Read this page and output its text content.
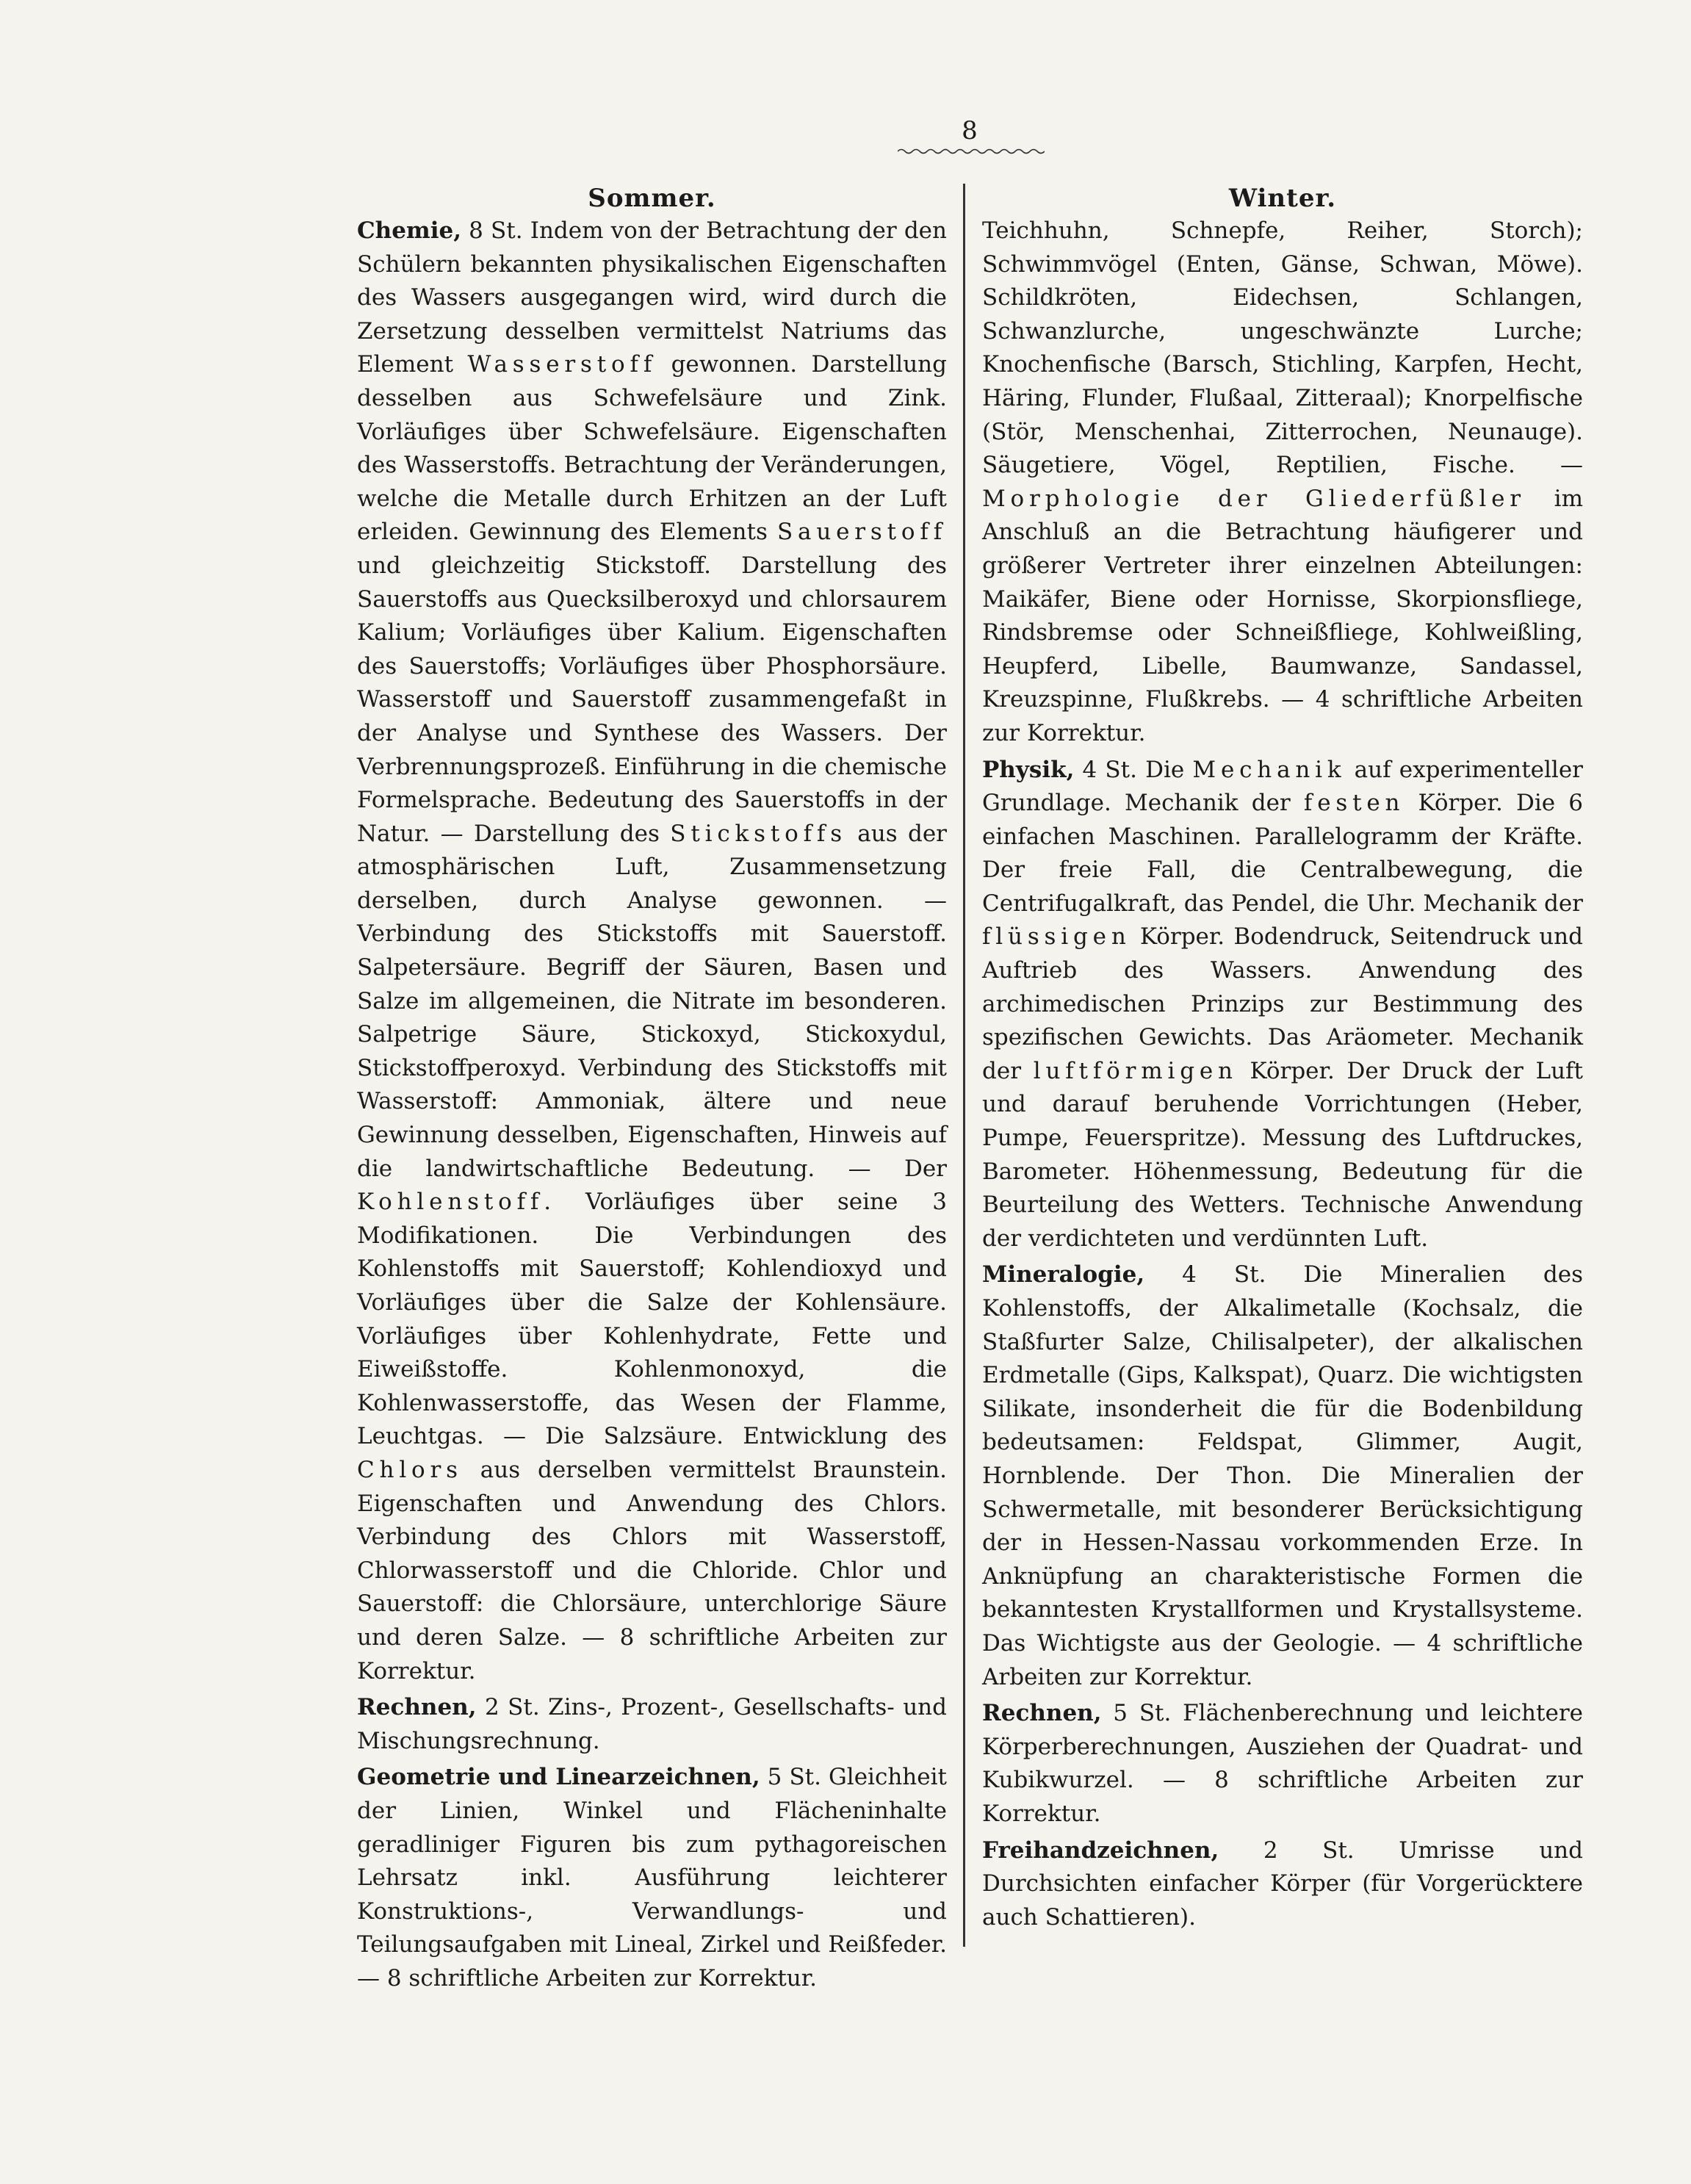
8
Sommer.

Chemie, 8 St. Indem von der Betrachtung der den Schülern bekannten physikalischen Eigenschaften des Wassers ausgegangen wird, wird durch die Zersetzung desselben vermittelst Natriums das Element Wasserstoff gewonnen. Darstellung desselben aus Schwefelsäure und Zink. Vorläufiges über Schwefelsäure. Eigenschaften des Wasserstoffs. Betrachtung der Veränderungen, welche die Metalle durch Erhitzen an der Luft erleiden. Gewinnung des Elements Sauerstoff und gleichzeitig Stickstoff. Darstellung des Sauerstoffs aus Quecksilberoxyd und chlorsaurem Kalium; Vorläufiges über Kalium. Eigenschaften des Sauerstoffs; Vorläufiges über Phosphorsäure. Wasserstoff und Sauerstoff zusammengefaßt in der Analyse und Synthese des Wassers. Der Verbrennungsprozeß. Einführung in die chemische Formelsprache. Bedeutung des Sauerstoffs in der Natur. — Darstellung des Stickstoffs aus der atmosphärischen Luft, Zusammensetzung derselben, durch Analyse gewonnen. — Verbindung des Stickstoffs mit Sauerstoff. Salpetersäure. Begriff der Säuren, Basen und Salze im allgemeinen, die Nitrate im besonderen. Salpetrige Säure, Stickoxyd, Stickoxydul, Stickstoffperoxyd. Verbindung des Stickstoffs mit Wasserstoff: Ammoniak, ältere und neue Gewinnung desselben, Eigenschaften, Hinweis auf die landwirtschaftliche Bedeutung. — Der Kohlenstoff. Vorläufiges über seine 3 Modifikationen. Die Verbindungen des Kohlenstoffs mit Sauerstoff; Kohlendioxyd und Vorläufiges über die Salze der Kohlensäure. Vorläufiges über Kohlenhydrate, Fette und Eiweißstoffe. Kohlenmonoxyd, die Kohlenwasserstoffe, das Wesen der Flamme, Leuchtgas. — Die Salzsäure. Entwicklung des Chlors aus derselben vermittelst Braunstein. Eigenschaften und Anwendung des Chlors. Verbindung des Chlors mit Wasserstoff, Chlorwasserstoff und die Chloride. Chlor und Sauerstoff: die Chlorsäure, unterchlorige Säure und deren Salze. — 8 schriftliche Arbeiten zur Korrektur.

Rechnen, 2 St. Zins-, Prozent-, Gesellschafts- und Mischungsrechnung.

Geometrie und Linearzeichnen, 5 St. Gleichheit der Linien, Winkel und Flächeninhalte geradliniger Figuren bis zum pythagoreischen Lehrsatz inkl. Ausführung leichterer Konstruktions-, Verwandlungs- und Teilungsaufgaben mit Lineal, Zirkel und Reißfeder. — 8 schriftliche Arbeiten zur Korrektur.

Winter.

Teichhuhn, Schnepfe, Reiher, Storch); Schwimmvögel (Enten, Gänse, Schwan, Möwe). Schildkröten, Eidechsen, Schlangen, Schwanzlurche, ungeschwänzte Lurche; Knochenfische (Barsch, Stichling, Karpfen, Hecht, Häring, Flunder, Flußaal, Zitteraal); Knorpelfische (Stör, Menschenhai, Zitterrochen, Neunauge). Säugetiere, Vögel, Reptilien, Fische. — Morphologie der Gliederfüßler im Anschluß an die Betrachtung häufigerer und größerer Vertreter ihrer einzelnen Abteilungen: Maikäfer, Biene oder Hornisse, Skorpionsfliege, Rindsbremse oder Schneißfliege, Kohlweißling, Heupferd, Libelle, Baumwanze, Sandassel, Kreuzspinne, Flußkrebs. — 4 schriftliche Arbeiten zur Korrektur.

Physik, 4 St. Die Mechanik auf experimenteller Grundlage. Mechanik der festen Körper. Die 6 einfachen Maschinen. Parallelogramm der Kräfte. Der freie Fall, die Centralbewegung, die Centrifugalkraft, das Pendel, die Uhr. Mechanik der flüssigen Körper. Bodendruck, Seitendruck und Auftrieb des Wassers. Anwendung des archimedischen Prinzips zur Bestimmung des spezifischen Gewichts. Das Aräometer. Mechanik der luftförmigen Körper. Der Druck der Luft und darauf beruhende Vorrichtungen (Heber, Pumpe, Feuerspritze). Messung des Luftdruckes, Barometer. Höhenmessung, Bedeutung für die Beurteilung des Wetters. Technische Anwendung der verdichteten und verdünnten Luft.

Mineralogie, 4 St. Die Mineralien des Kohlenstoffs, der Alkalimetalle (Kochsalz, die Staßfurter Salze, Chilisalpeter), der alkalischen Erdmetalle (Gips, Kalkspat), Quarz. Die wichtigsten Silikate, insonderheit die für die Bodenbildung bedeutsamen: Feldspat, Glimmer, Augit, Hornblende. Der Thon. Die Mineralien der Schwermetalle, mit besonderer Berücksichtigung der in Hessen-Nassau vorkommenden Erze. In Anknüpfung an charakteristische Formen die bekanntesten Krystallformen und Krystallsysteme. Das Wichtigste aus der Geologie. — 4 schriftliche Arbeiten zur Korrektur.

Rechnen, 5 St. Flächenberechnung und leichtere Körperberechnungen, Ausziehen der Quadrat- und Kubikwurzel. — 8 schriftliche Arbeiten zur Korrektur.

Freihandzeichnen, 2 St. Umrisse und Durchsichten einfacher Körper (für Vorgerücktere auch Schattieren).
